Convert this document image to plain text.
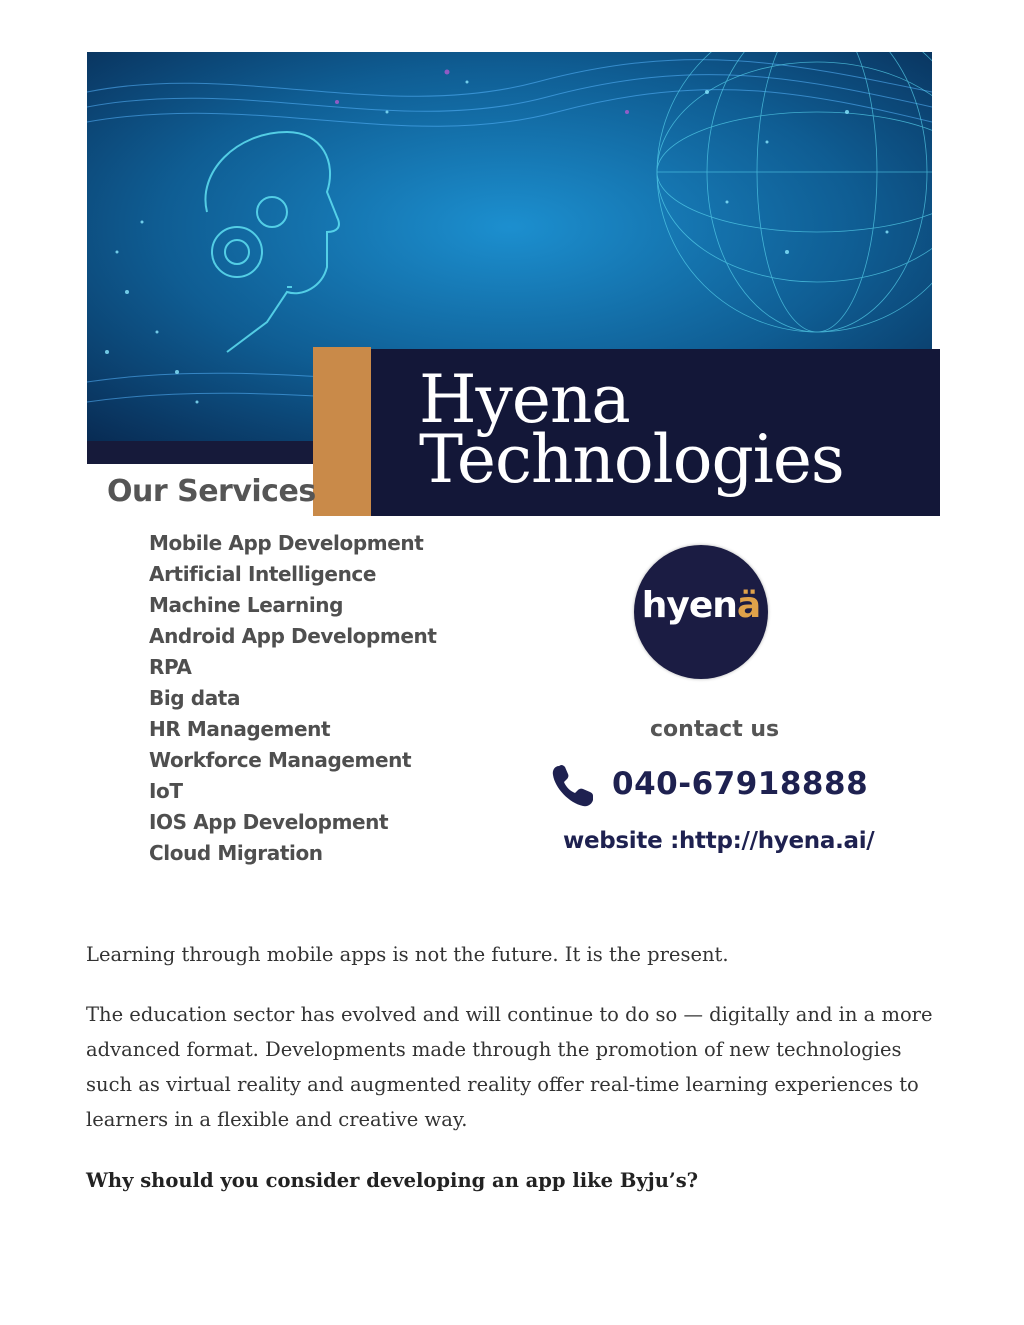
Hyena
Technologies
Our Services
Mobile App Development
Artificial Intelligence
Machine Learning
Android App Development
RPA
Big data
HR Management
Workforce Management
IoT
IOS App Development
Cloud Migration
hyenä
contact us
040-67918888
website :http://hyena.ai/

Learning through mobile apps is not the future. It is the present.

The education sector has evolved and will continue to do so — digitally and in a more advanced format. Developments made through the promotion of new technologies such as virtual reality and augmented reality offer real-time learning experiences to learners in a flexible and creative way.

Why should you consider developing an app like Byju’s?
